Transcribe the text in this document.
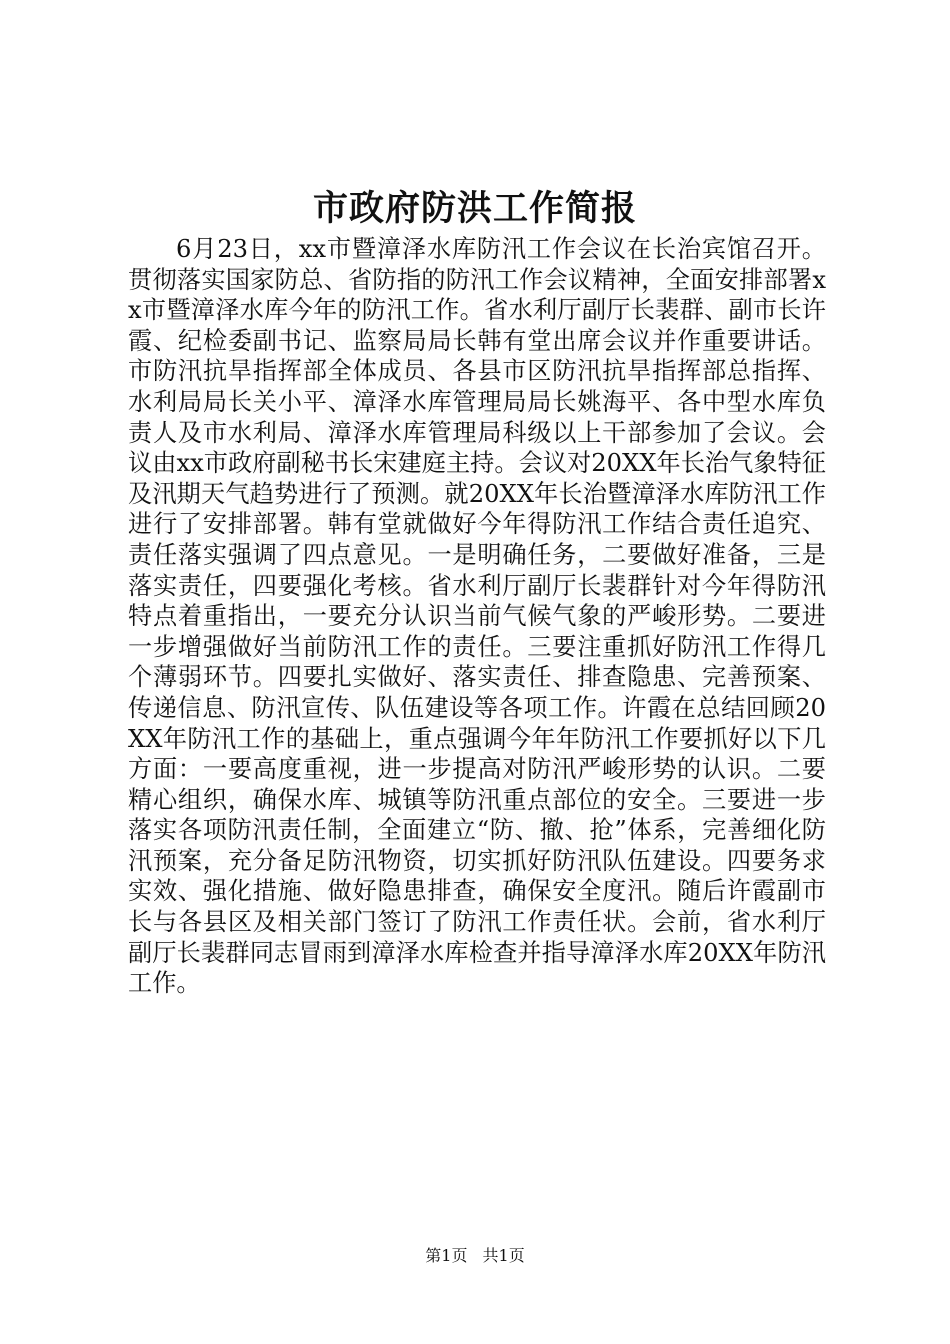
市政府防洪工作简报

6月23日，xx市暨漳泽水库防汛工作会议在长治宾馆召开。贯彻落实国家防总、省防指的防汛工作会议精神，全面安排部署xx市暨漳泽水库今年的防汛工作。省水利厅副厅长裴群、副市长许霞、纪检委副书记、监察局局长韩有堂出席会议并作重要讲话。市防汛抗旱指挥部全体成员、各县市区防汛抗旱指挥部总指挥、水利局局长关小平、漳泽水库管理局局长姚海平、各中型水库负责人及市水利局、漳泽水库管理局科级以上干部参加了会议。会议由xx市政府副秘书长宋建庭主持。会议对20XX年长治气象特征及汛期天气趋势进行了预测。就20XX年长治暨漳泽水库防汛工作进行了安排部署。韩有堂就做好今年得防汛工作结合责任追究、责任落实强调了四点意见。一是明确任务，二要做好准备，三是落实责任，四要强化考核。省水利厅副厅长裴群针对今年得防汛特点着重指出，一要充分认识当前气候气象的严峻形势。二要进一步增强做好当前防汛工作的责任。三要注重抓好防汛工作得几个薄弱环节。四要扎实做好、落实责任、排查隐患、完善预案、传递信息、防汛宣传、队伍建设等各项工作。许霞在总结回顾20XX年防汛工作的基础上，重点强调今年年防汛工作要抓好以下几方面：一要高度重视，进一步提高对防汛严峻形势的认识。二要精心组织，确保水库、城镇等防汛重点部位的安全。三要进一步落实各项防汛责任制，全面建立“防、撤、抢”体系，完善细化防汛预案，充分备足防汛物资，切实抓好防汛队伍建设。四要务求实效、强化措施、做好隐患排查，确保安全度汛。随后许霞副市长与各县区及相关部门签订了防汛工作责任状。会前，省水利厅副厅长裴群同志冒雨到漳泽水库检查并指导漳泽水库20XX年防汛工作。

第1页 共1页
